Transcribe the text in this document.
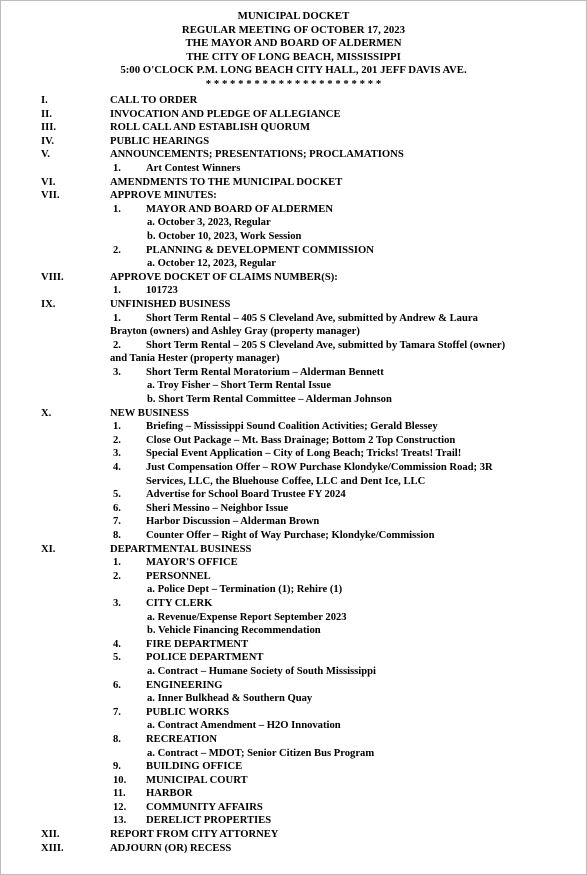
MUNICIPAL DOCKET
REGULAR MEETING OF OCTOBER 17, 2023
THE MAYOR AND BOARD OF ALDERMEN
THE CITY OF LONG BEACH, MISSISSIPPI
5:00 O'CLOCK P.M. LONG BEACH CITY HALL, 201 JEFF DAVIS AVE.
* * * * * * * * * * * * * * * * * * * * * *
I.	CALL TO ORDER
II.	INVOCATION AND PLEDGE OF ALLEGIANCE
III.	ROLL CALL AND ESTABLISH QUORUM
IV.	PUBLIC HEARINGS
V.	ANNOUNCEMENTS; PRESENTATIONS; PROCLAMATIONS
1. Art Contest Winners
VI.	AMENDMENTS TO THE MUNICIPAL DOCKET
VII.	APPROVE MINUTES:
1. MAYOR AND BOARD OF ALDERMEN
a. October 3, 2023, Regular
b. October 10, 2023, Work Session
2. PLANNING & DEVELOPMENT COMMISSION
a. October 12, 2023, Regular
VIII.	APPROVE DOCKET OF CLAIMS NUMBER(S):
1. 101723
IX.	UNFINISHED BUSINESS
1. Short Term Rental – 405 S Cleveland Ave, submitted by Andrew & Laura
Brayton (owners) and Ashley Gray (property manager)
2. Short Term Rental – 205 S Cleveland Ave, submitted by Tamara Stoffel (owner)
and Tania Hester (property manager)
3. Short Term Rental Moratorium – Alderman Bennett
a. Troy Fisher – Short Term Rental Issue
b. Short Term Rental Committee – Alderman Johnson
X.	NEW BUSINESS
1. Briefing – Mississippi Sound Coalition Activities; Gerald Blessey
2. Close Out Package – Mt. Bass Drainage; Bottom 2 Top Construction
3. Special Event Application – City of Long Beach; Tricks! Treats! Trail!
4. Just Compensation Offer – ROW Purchase Klondyke/Commission Road; 3R
Services, LLC, the Bluehouse Coffee, LLC and Dent Ice, LLC
5. Advertise for School Board Trustee FY 2024
6. Sheri Messino – Neighbor Issue
7. Harbor Discussion – Alderman Brown
8. Counter Offer – Right of Way Purchase; Klondyke/Commission
XI.	DEPARTMENTAL BUSINESS
1. MAYOR'S OFFICE
2. PERSONNEL
a. Police Dept – Termination (1); Rehire (1)
3. CITY CLERK
a. Revenue/Expense Report September 2023
b. Vehicle Financing Recommendation
4. FIRE DEPARTMENT
5. POLICE DEPARTMENT
a. Contract – Humane Society of South Mississippi
6. ENGINEERING
a. Inner Bulkhead & Southern Quay
7. PUBLIC WORKS
a. Contract Amendment – H2O Innovation
8. RECREATION
a. Contract – MDOT; Senior Citizen Bus Program
9. BUILDING OFFICE
10. MUNICIPAL COURT
11. HARBOR
12. COMMUNITY AFFAIRS
13. DERELICT PROPERTIES
XII.	REPORT FROM CITY ATTORNEY
XIII.	ADJOURN (OR) RECESS
